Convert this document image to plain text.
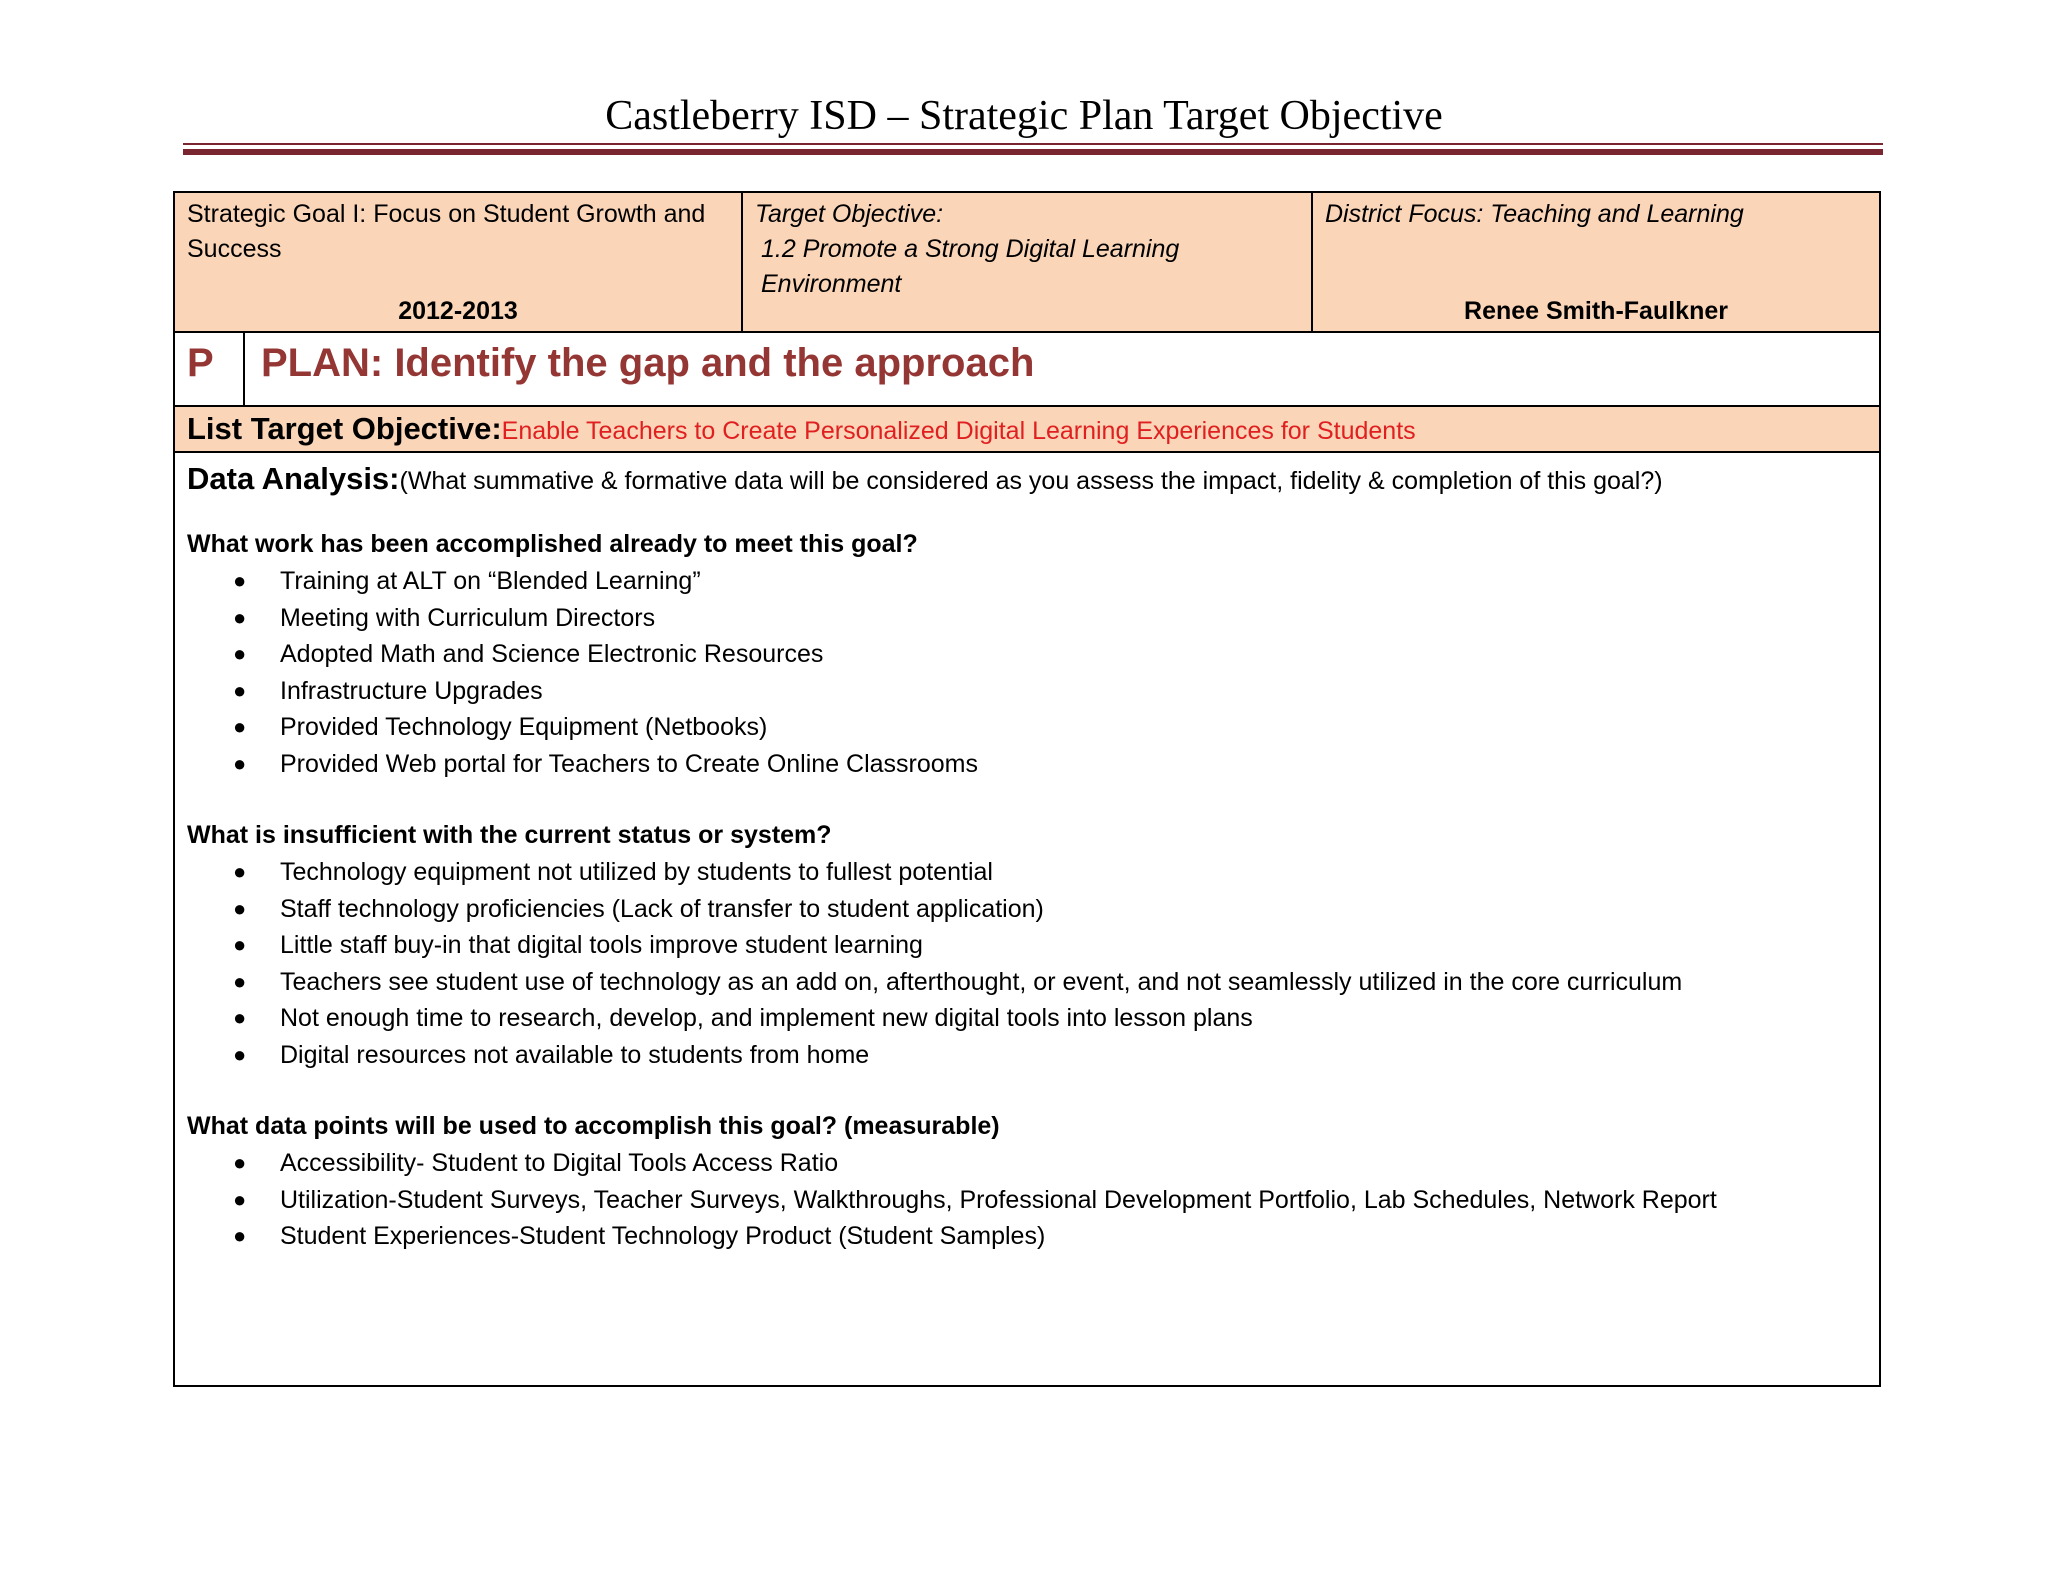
Castleberry ISD – Strategic Plan Target Objective
Strategic Goal I: Focus on Student Growth and Success
2012-2013
Target Objective:
1.2 Promote a Strong Digital Learning Environment
District Focus: Teaching and Learning
Renee Smith-Faulkner
P	PLAN: Identify the gap and the approach
List Target Objective:Enable Teachers to Create Personalized Digital Learning Experiences for Students
Data Analysis:(What summative & formative data will be considered as you assess the impact, fidelity & completion of this goal?)
What work has been accomplished already to meet this goal?
● Training at ALT on “Blended Learning”
● Meeting with Curriculum Directors
● Adopted Math and Science Electronic Resources
● Infrastructure Upgrades
● Provided Technology Equipment (Netbooks)
● Provided Web portal for Teachers to Create Online Classrooms
What is insufficient with the current status or system?
● Technology equipment not utilized by students to fullest potential
● Staff technology proficiencies (Lack of transfer to student application)
● Little staff buy-in that digital tools improve student learning
● Teachers see student use of technology as an add on, afterthought, or event, and not seamlessly utilized in the core curriculum
● Not enough time to research, develop, and implement new digital tools into lesson plans
● Digital resources not available to students from home
What data points will be used to accomplish this goal? (measurable)
● Accessibility- Student to Digital Tools Access Ratio
● Utilization-Student Surveys, Teacher Surveys, Walkthroughs, Professional Development Portfolio, Lab Schedules, Network Report
● Student Experiences-Student Technology Product (Student Samples)
